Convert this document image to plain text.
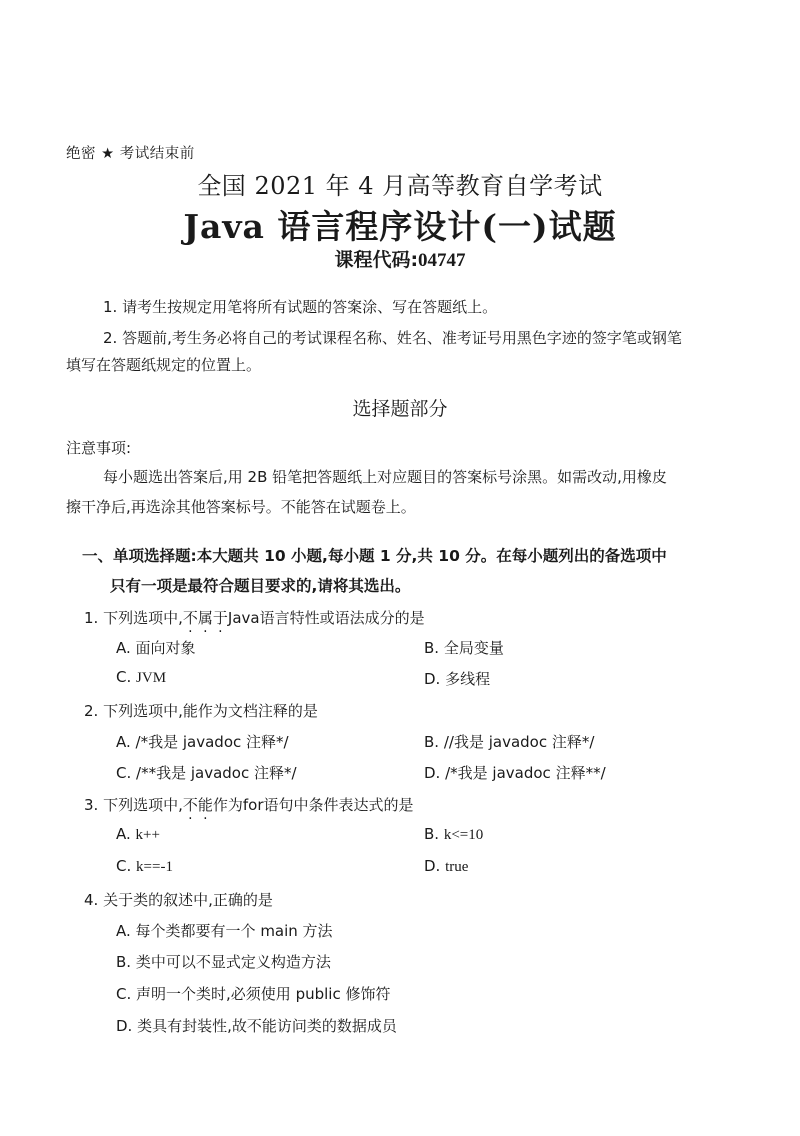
绝密 ★ 考试结束前
全国 2021 年 4 月高等教育自学考试
Java 语言程序设计(一)试题
课程代码:04747
1. 请考生按规定用笔将所有试题的答案涂、写在答题纸上。
2. 答题前,考生务必将自己的考试课程名称、姓名、准考证号用黑色字迹的签字笔或钢笔
填写在答题纸规定的位置上。
选择题部分
注意事项:
每小题选出答案后,用 2B 铅笔把答题纸上对应题目的答案标号涂黑。如需改动,用橡皮
擦干净后,再选涂其他答案标号。不能答在试题卷上。
一、单项选择题:本大题共 10 小题,每小题 1 分,共 10 分。在每小题列出的备选项中
只有一项是最符合题目要求的,请将其选出。
1. 下列选项中,不属于Java语言特性或语法成分的是
A. 面向对象	B. 全局变量
C. JVM	D. 多线程
2. 下列选项中,能作为文档注释的是
A. /*我是 javadoc 注释*/	B. //我是 javadoc 注释*/
C. /**我是 javadoc 注释*/	D. /*我是 javadoc 注释**/
3. 下列选项中,不能作为for语句中条件表达式的是
A. k++	B. k<=10
C. k==-1	D. true
4. 关于类的叙述中,正确的是
A. 每个类都要有一个 main 方法
B. 类中可以不显式定义构造方法
C. 声明一个类时,必须使用 public 修饰符
D. 类具有封装性,故不能访问类的数据成员
